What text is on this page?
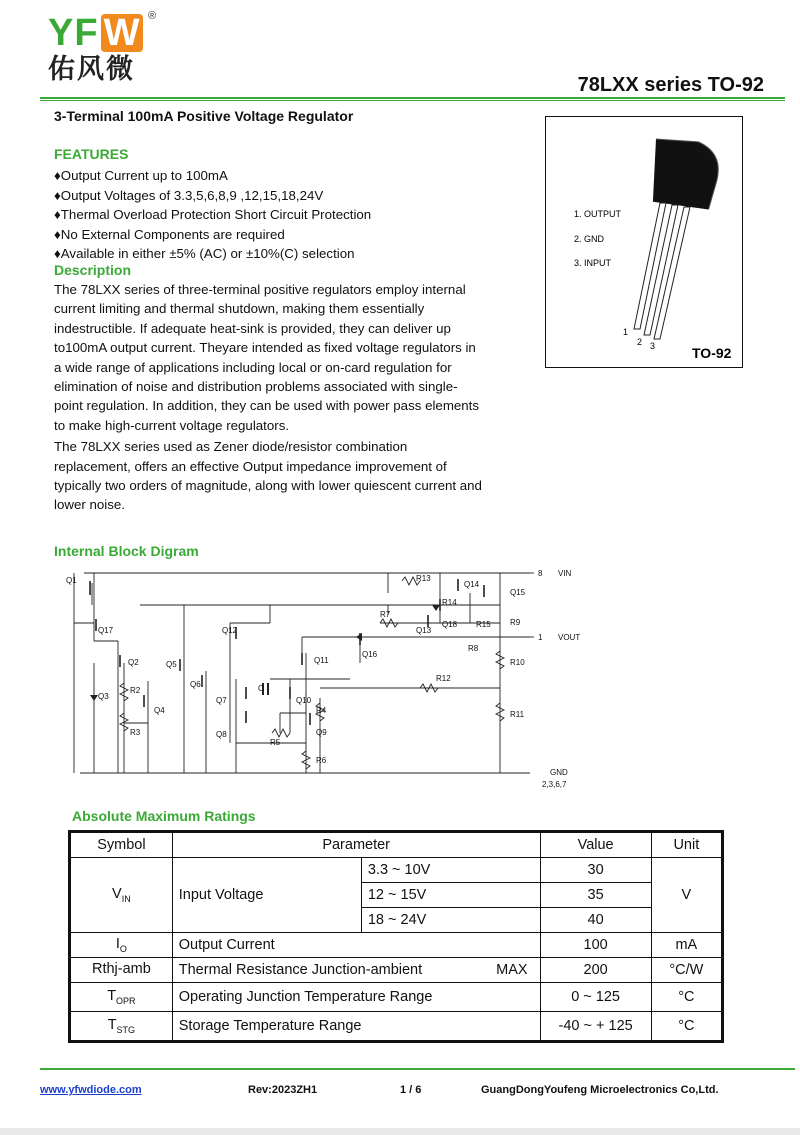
YF W ®
佑风微
78LXX series TO-92
3-Terminal 100mA Positive Voltage Regulator
FEATURES
♦Output Current up to 100mA
♦Output Voltages of 3.3,5,6,8,9 ,12,15,18,24V
♦Thermal Overload Protection Short Circuit Protection
♦No External Components are required
♦Available in either ±5% (AC) or ±10%(C) selection
Description

The 78LXX series of three-terminal positive regulators employ internal current limiting and thermal shutdown, making them essentially indestructible. If adequate heat-sink is provided, they can deliver up to100mA output current. Theyare intended as fixed voltage regulators in a wide range of applications including local or on-card regulation for elimination of noise and distribution problems associated with single-point regulation. In addition, they can be used with power pass elements to make high-current voltage regulators.

The 78LXX series used as Zener diode/resistor combination replacement, offers an effective Output impedance improvement of typically two orders of magnitude, along with lower quiescent current and lower noise.

1. OUTPUT
2. GND
3. INPUT
1
2 3	TO-92
Internal Block Digram
Q1
Q17
Q2
Q3
R2
R3
Q4
Q5
Q6
Q12
Q7
Q8
C
Q10
R5
R4
Q9
R6
Q11
Q16
R7
Q13
R13
R14
Q18
Q14
Q15
R15 R9
R8
R10
R12
R11
8 VIN
1 VOUT
GND
2,3,6,7
Absolute Maximum Ratings
Symbol	Parameter		Value	Unit
$V_{IN}$	Input Voltage	3.3 ~ 10V	30	V
		12 ~ 15V	35	
		18 ~ 24V	40	
$I_O$	Output Current		100	mA
Rthj-amb	Thermal Resistance Junction-ambient MAX		200	°C/W
$T_{OPR}$	Operating Junction Temperature Range		0 ~ 125	°C
$T_{STG}$	Storage Temperature Range		-40 ~ + 125	°C
www.yfwdiode.com	Rev:2023ZH1	1 / 6	GuangDongYoufeng Microelectronics Co,Ltd.
